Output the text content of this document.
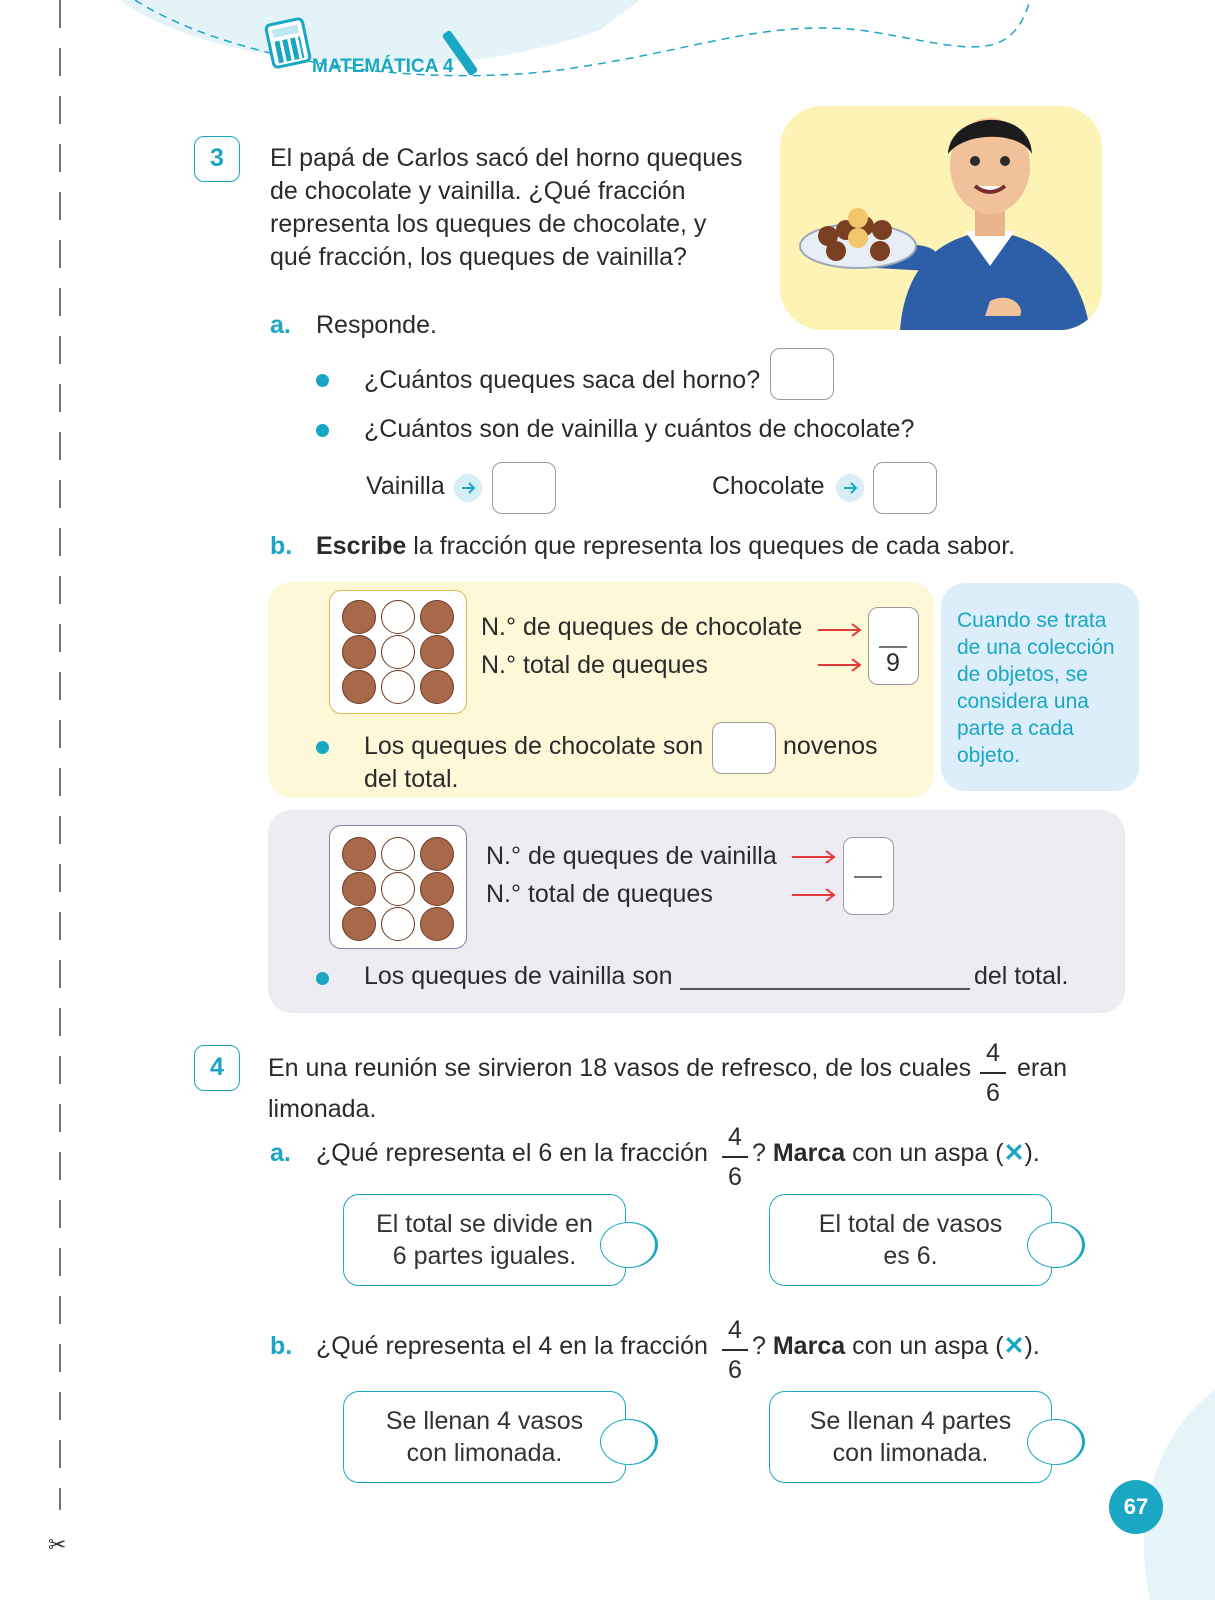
✂
MATEMÁTICA 4
3	El papá de Carlos sacó del horno queques
de chocolate y vainilla. ¿Qué fracción
representa los queques de chocolate, y
qué fracción, los queques de vainilla?
a. Responde.
¿Cuántos queques saca del horno?
¿Cuántos son de vainilla y cuántos de chocolate?
Vainilla	Chocolate
b. Escribe la fracción que representa los queques de cada sabor.
N.° de queques de chocolate
N.° total de queques	9
Los queques de chocolate son	novenos
del total.
Cuando se trata de una colección de objetos, se considera una parte a cada objeto.
N.° de queques de vainilla
N.° total de queques
Los queques de vainilla son	del total.
4	En una reunión se sirvieron 18 vasos de refresco, de los cuales
4
6
eran
limonada.
a. ¿Qué representa el 6 en la fracción
4
6
? Marca con un aspa (✕).
El total se divide en
6 partes iguales.
El total de vasos
es 6.
b. ¿Qué representa el 4 en la fracción
4
6
? Marca con un aspa (✕).
Se llenan 4 vasos
con limonada.
Se llenan 4 partes
con limonada.
67
